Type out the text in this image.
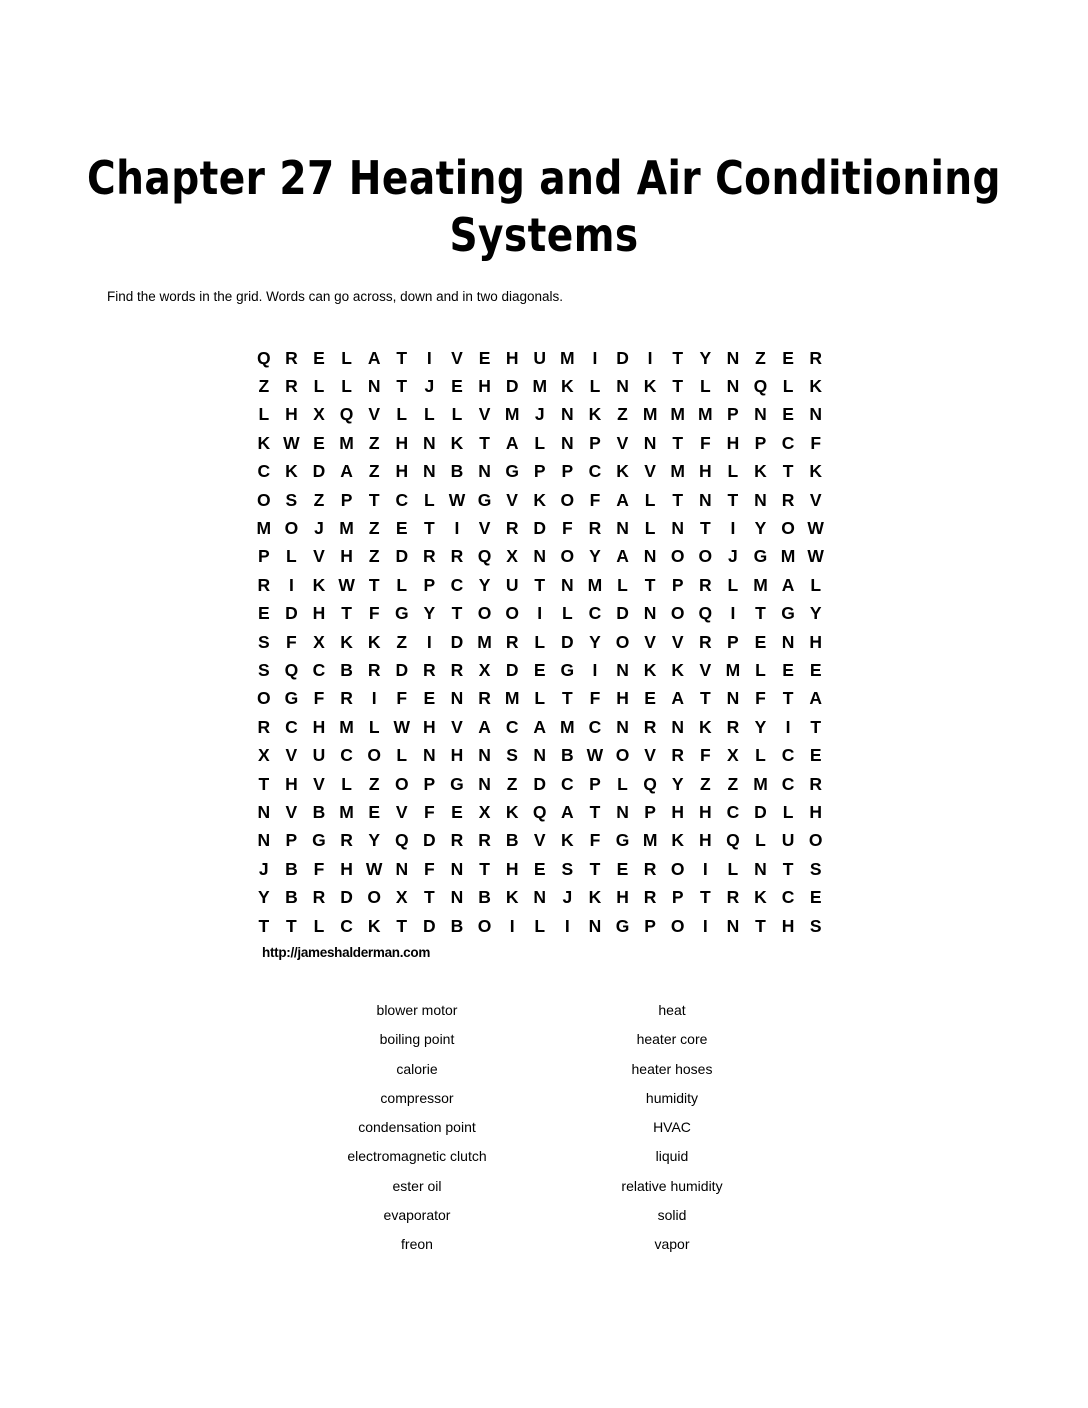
Chapter 27 Heating and Air Conditioning
Systems

Find the words in the grid. Words can go across, down and in two diagonals.

Q R E L A T	I	V E H U M	I	D	I	T Y N Z E R
Z R L L N T J E H D M K L N K T L N Q L K
L H X Q V L L L V M J N K Z M M M P N E N
K W E M Z H N K T A L N P V N T F H P C F
C K D A Z H N B N G P P C K V M H L K T K
O S Z P T C L W G V K O F A L T N T N R V
M O J M Z E T	I	V R D F R N L N T	I	Y O W
P L V H Z D R R Q X N O Y A N O O J G M W
R	I	K W T L P C Y U T N M L T P R L M A L
E D H T F G Y T O O	I	L C D N O Q	I	T G Y
S F X K K Z	I	D M R L D Y O V V R P E N H
S Q C B R D R R X D E G	I	N K K V M L E E
O G F R	I	F E N R M L T F H E A T N F T A
R C H M L W H V A C A M C N R N K R Y	I	T
X V U C O L N H N S N B W O V R F X L C E
T H V L Z O P G N Z D C P L Q Y Z Z M C R
N V B M E V F E X K Q A T N P H H C D L H
N P G R Y Q D R R B V K F G M K H Q L U O
J B F H W N F N T H E S T E R O	I	L N T S
Y B R D O X T N B K N J K H R P T R K C E
T T L C K T D B O	I	L	I	N G P O	I	N T H S
http://jameshalderman.com
blower motor
boiling point
calorie
compressor
condensation point
electromagnetic clutch
ester oil
evaporator
freon
heat
heater core
heater hoses
humidity
HVAC
liquid
relative humidity
solid
vapor
